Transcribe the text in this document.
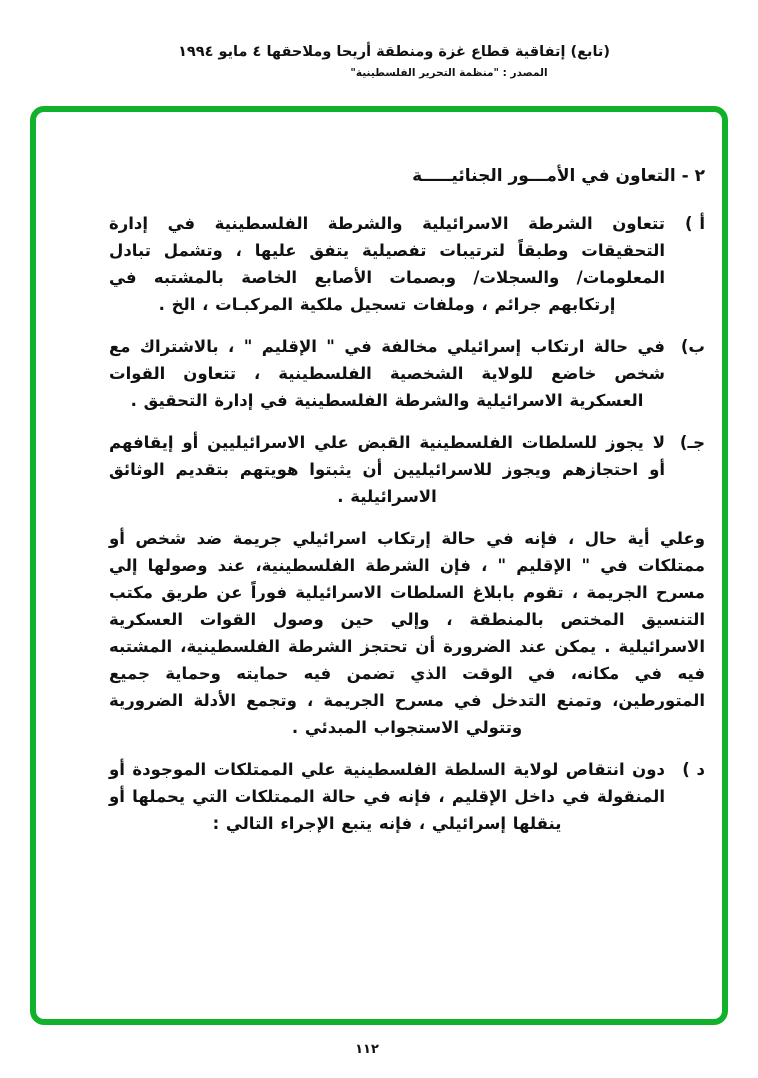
(تابع) إتفاقية قطاع غزة ومنطقة أريحا وملاحقها ٤ مايو ١٩٩٤
المصدر : "منظمة التحرير الفلسطينية"
٢ - التعاون في الأمـــور الجنائيـــــة
أ )
تتعاون الشرطة الاسرائيلية والشرطة الفلسطينية في إدارة التحقيقات وطبقاً لترتيبات تفصيلية يتفق عليها ، وتشمل تبادل المعلومات/ والسجلات/ وبصمات الأصابع الخاصة بالمشتبه في إرتكابهم جرائم ، وملفات تسجيل ملكية المركبـات ، الخ .
ب)
في حالة ارتكاب إسرائيلي مخالفة في " الإقليم " ، بالاشتراك مع شخص خاضع للولاية الشخصية الفلسطينية ، تتعاون القوات العسكرية الاسرائيلية والشرطة الفلسطينية في إدارة التحقيق .
جـ)
لا يجوز للسلطات الفلسطينية القبض علي الاسرائيليين أو إيقافهم أو احتجازهم ويجوز للاسرائيليين أن يثبتوا هويتهم بتقديم الوثائق الاسرائيلية .
وعلي أية حال ، فإنه في حالة إرتكاب اسرائيلي جريمة ضد شخص أو ممتلكات في " الإقليم " ، فإن الشرطة الفلسطينية، عند وصولها إلي مسرح الجريمة ، تقوم بابلاغ السلطات الاسرائيلية فوراً عن طريق مكتب التنسيق المختص بالمنطقة ، وإلي حين وصول القوات العسكرية الاسرائيلية . يمكن عند الضرورة أن تحتجز الشرطة الفلسطينية، المشتبه فيه في مكانه، في الوقت الذي تضمن فيه حمايته وحماية جميع المتورطين، وتمنع التدخل في مسرح الجريمة ، وتجمع الأدلة الضرورية وتتولي الاستجواب المبدئي .
د )
دون انتقاص لولاية السلطة الفلسطينية علي الممتلكات الموجودة أو المنقولة في داخل الإقليم ، فإنه في حالة الممتلكات التي يحملها أو ينقلها إسرائيلي ، فإنه يتبع الإجراء التالي :
١١٢
